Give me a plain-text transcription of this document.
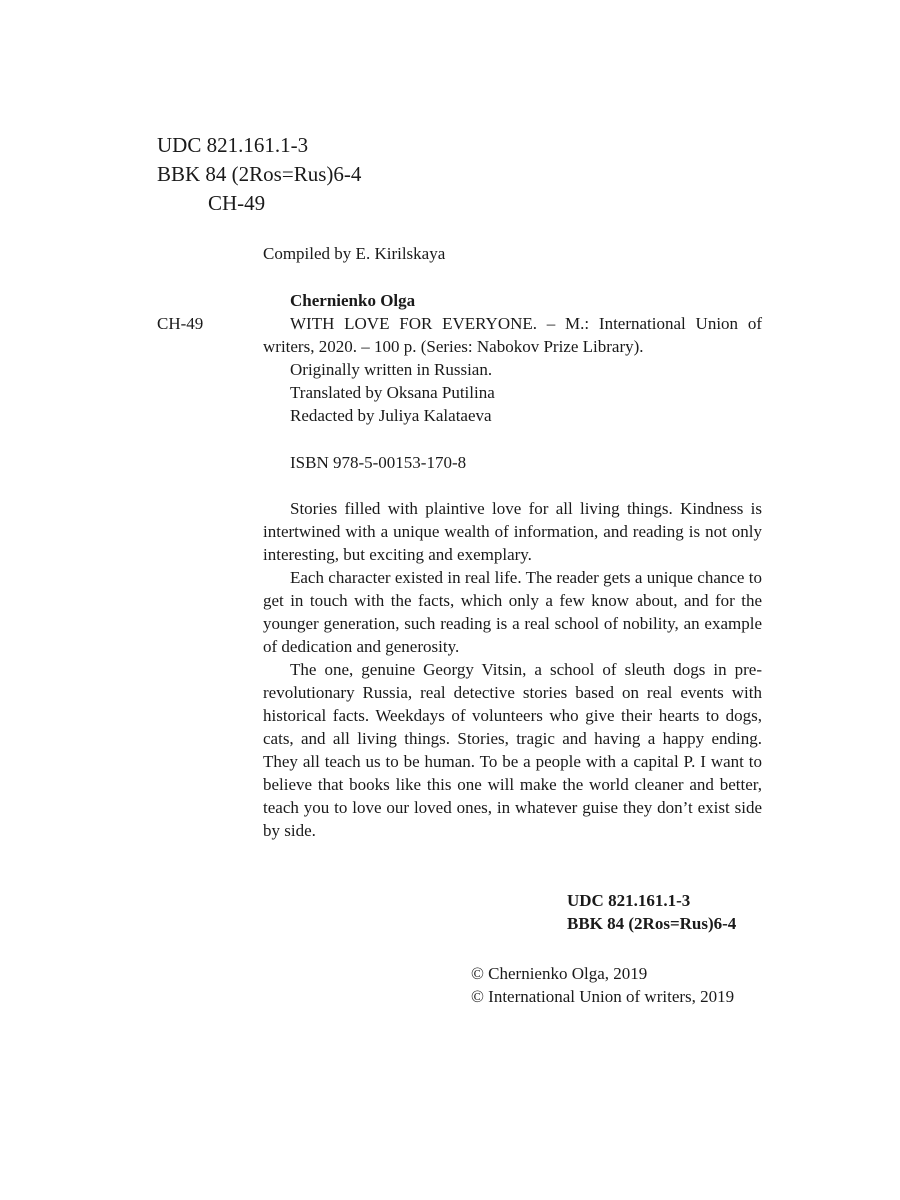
UDC 821.161.1-3
BBK 84 (2Ros=Rus)6-4
CH-49
Compiled by E. Kirilskaya
CH-49
Chernienko Olga
WITH LOVE FOR EVERYONE. – M.: International Union of writers, 2020. – 100 p. (Series: Nabokov Prize Library).
Originally written in Russian.
Translated by Oksana Putilina
Redacted by Juliya Kalataeva
ISBN 978-5-00153-170-8

Stories filled with plaintive love for all living things. Kindness is intertwined with a unique wealth of information, and reading is not only interesting, but exciting and exemplary.

Each character existed in real life. The reader gets a unique chance to get in touch with the facts, which only a few know about, and for the younger generation, such reading is a real school of nobility, an example of dedication and generosity.

The one, genuine Georgy Vitsin, a school of sleuth dogs in pre-revolutionary Russia, real detective stories based on real events with historical facts. Weekdays of volunteers who give their hearts to dogs, cats, and all living things. Stories, tragic and having a happy ending. They all teach us to be human. To be a people with a capital P. I want to believe that books like this one will make the world cleaner and better, teach you to love our loved ones, in whatever guise they don’t exist side by side.

UDC 821.161.1-3
BBK 84 (2Ros=Rus)6-4
© Chernienko Olga, 2019
© International Union of writers, 2019
